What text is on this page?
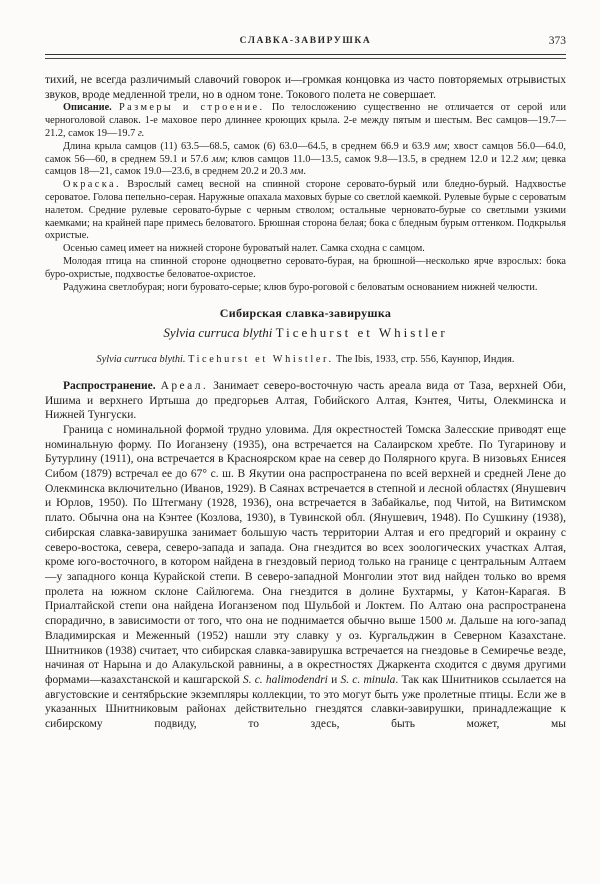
СЛАВКА-ЗАВИРУШКА	373

тихий, не всегда различимый славочий говорок и—громкая концовка из часто повторяемых отрывистых звуков, вроде медленной трели, но в одном тоне. Токового полета не совершает.

Описание. Размеры и строение. По телосложению существенно не отличается от серой или черноголовой славок. 1-е маховое перо длиннее кроющих крыла. 2-е между пятым и шестым. Вес самцов—19.7—21.2, самок 19—19.7 г.

Длина крыла самцов (11) 63.5—68.5, самок (6) 63.0—64.5, в среднем 66.9 и 63.9 мм; хвост самцов 56.0—64.0, самок 56—60, в среднем 59.1 и 57.6 мм; клюв самцов 11.0—13.5, самок 9.8—13.5, в среднем 12.0 и 12.2 мм; цевка самцов 18—21, самок 19.0—23.6, в среднем 20.2 и 20.3 мм.

Окраска. Взрослый самец весной на спинной стороне серовато-бурый или бледно-бурый. Надхвостье сероватое. Голова пепельно-серая. Наружные опахала маховых бурые со светлой каемкой. Рулевые бурые с сероватым налетом. Средние рулевые серовато-бурые с черным стволом; остальные черновато-бурые со светлыми узкими каемками; на крайней паре примесь беловатого. Брюшная сторона белая; бока с бледным бурым оттенком. Подкрылья охристые.

Осенью самец имеет на нижней стороне буроватый налет. Самка сходна с самцом.

Молодая птица на спинной стороне одноцветно серовато-бурая, на брюшной—несколько ярче взрослых: бока буро-охристые, подхвостье беловатое-охристое.

Радужина светлобурая; ноги буровато-серые; клюв буро-роговой с беловатым основанием нижней челюсти.

Сибирская славка-завирушка

Sylvia curruca blythi Ticehurst et Whistler

Sylvia curruca blythi. Ticehurst et Whistler. The Ibis, 1933, стр. 556, Каунпор, Индия.

Распространение. Ареал. Занимает северо-восточную часть ареала вида от Таза, верхней Оби, Ишима и верхнего Иртыша до предгорьев Алтая, Гобийского Алтая, Кэнтея, Читы, Олекминска и Нижней Тунгуски.

Граница с номинальной формой трудно уловима. Для окрестностей Томска Залесские приводят еще номинальную форму. По Иоганзену (1935), она встречается на Салаирском хребте. По Тугаринову и Бутурлину (1911), она встречается в Красноярском крае на север до Полярного круга. В низовьях Енисея Сибом (1879) встречал ее до 67° с. ш. В Якутии она распространена по всей верхней и средней Лене до Олекминска включительно (Иванов, 1929). В Саянах встречается в степной и лесной областях (Янушевич и Юрлов, 1950). По Штегману (1928, 1936), она встречается в Забайкалье, под Читой, на Витимском плато. Обычна она на Кэнтее (Козлова, 1930), в Тувинской обл. (Янушевич, 1948). По Сушкину (1938), сибирская славка-завирушка занимает большую часть территории Алтая и его предгорий и окраину с северо-востока, севера, северо-запада и запада. Она гнездится во всех зоологических участках Алтая, кроме юго-восточного, в котором найдена в гнездовый период только на границе с центральным Алтаем—у западного конца Курайской степи. В северо-западной Монголии этот вид найден только во время пролета на южном склоне Сайлюгема. Она гнездится в долине Бухтармы, у Катон-Карагая. В Приалтайской степи она найдена Иоганзеном под Шульбой и Локтем. По Алтаю она распространена спорадично, в зависимости от того, что она не поднимается обычно выше 1500 м. Дальше на юго-запад Владимирская и Меженный (1952) нашли эту славку у оз. Кургальджин в Северном Казахстане. Шнитников (1938) считает, что сибирская славка-завирушка встречается на гнездовье в Семиречье везде, начиная от Нарына и до Алакульской равнины, а в окрестностях Джаркента сходится с двумя другими формами—казахстанской и кашгарской S. c. halimodendri и S. c. minula. Так как Шнитников ссылается на августовские и сентябрьские экземпляры коллекции, то это могут быть уже пролетные птицы. Если же в указанных Шнитниковым районах действительно гнездятся славки-завирушки, принадлежащие к сибирскому подвиду, то здесь, быть может, мы
